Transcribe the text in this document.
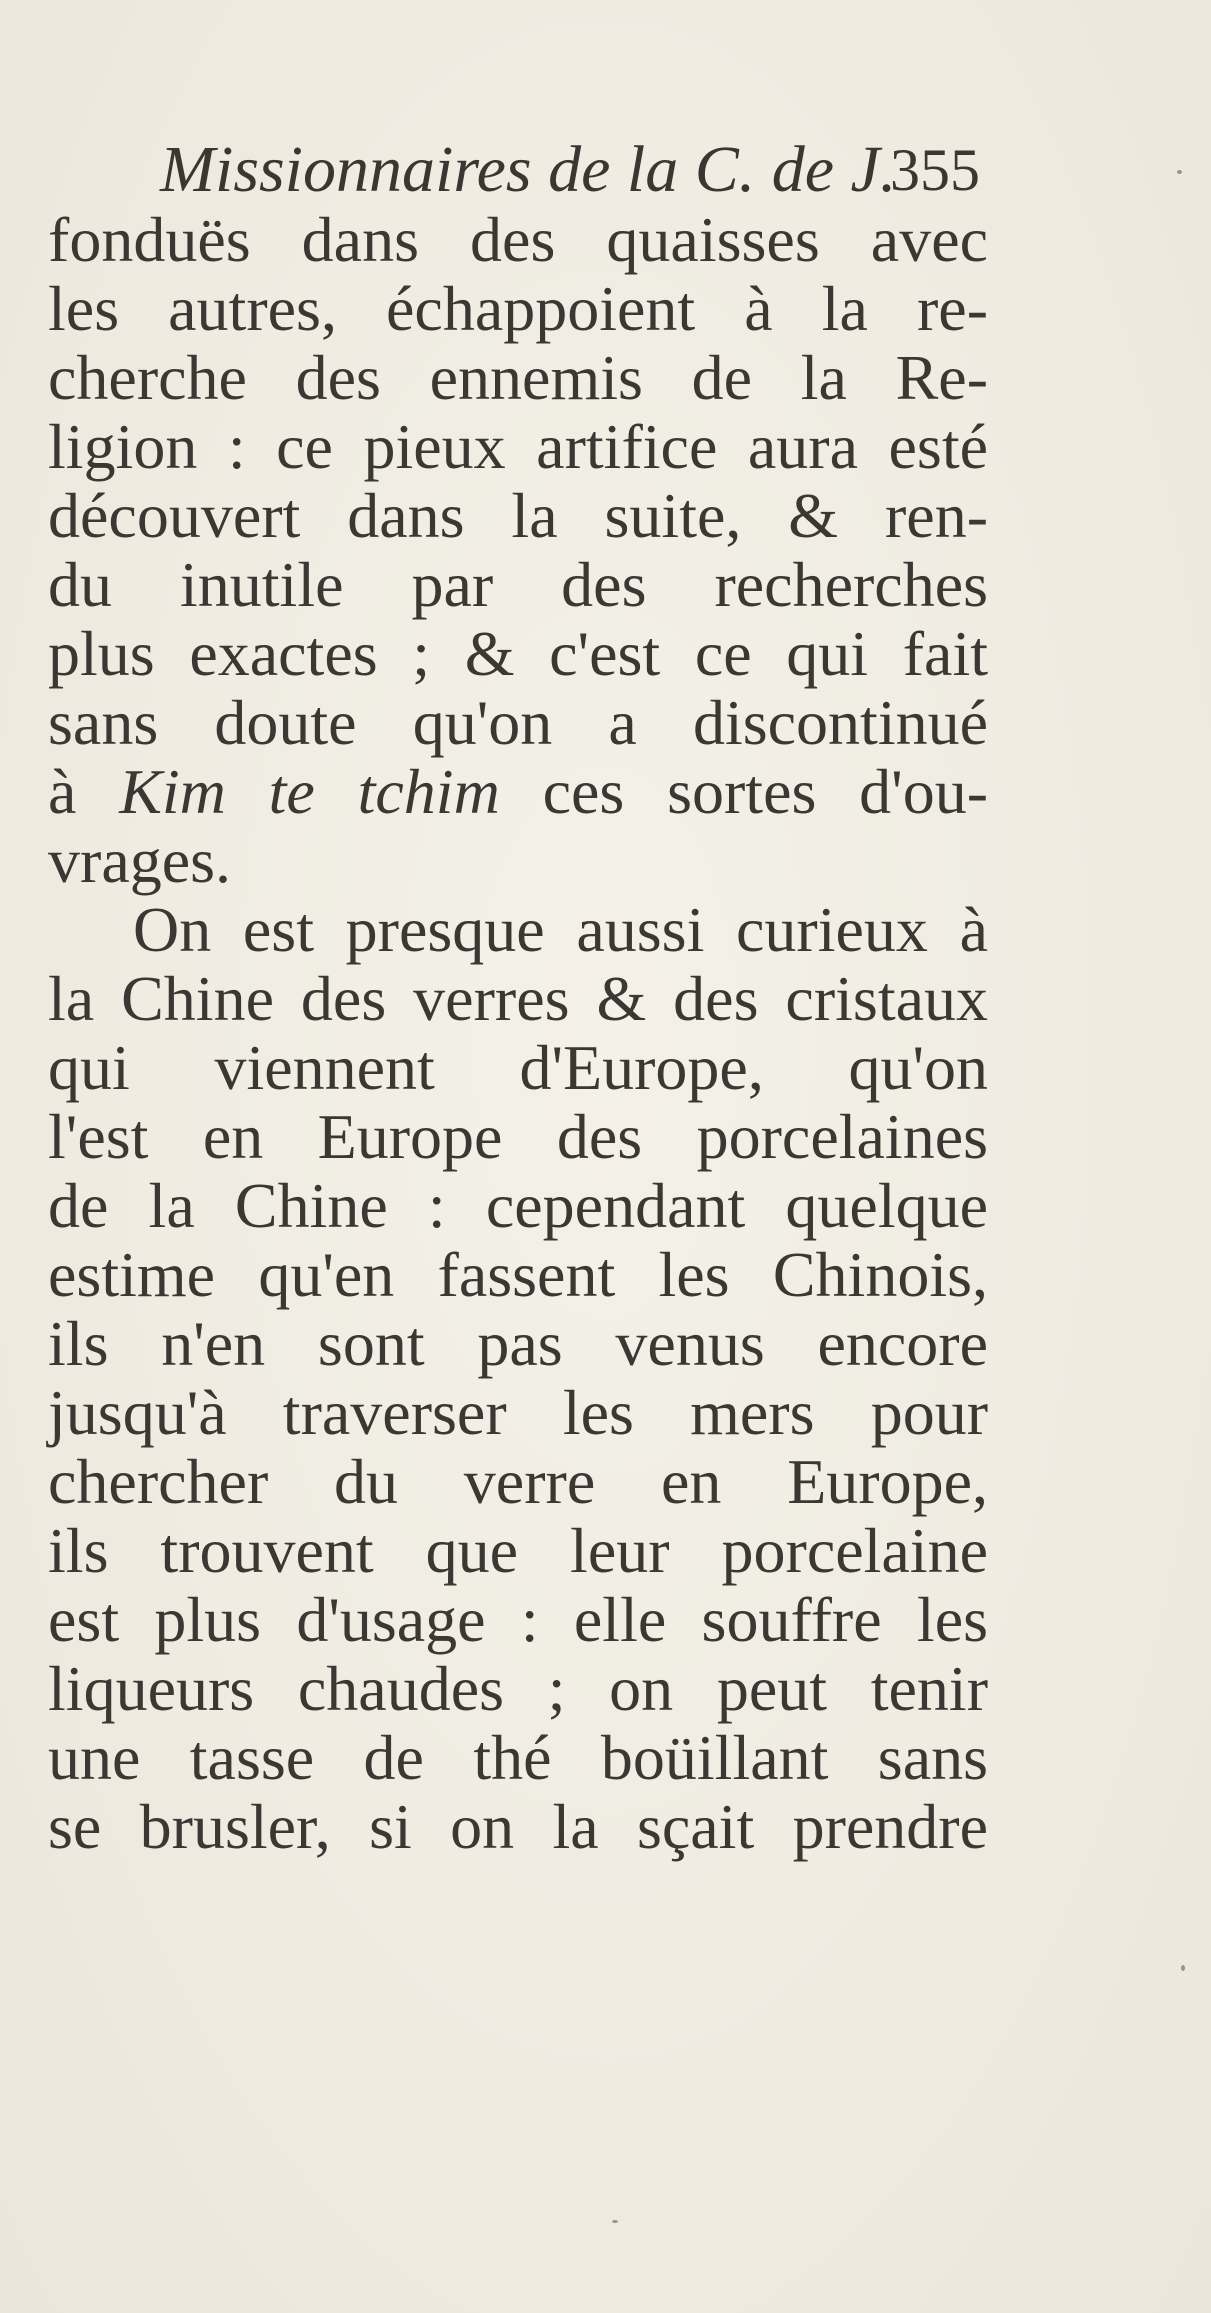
Missionnaires de la C. de J.
355
fonduës dans des quaisses avec
les autres, échappoient à la re-
cherche des ennemis de la Re-
ligion : ce pieux artifice aura esté
découvert dans la suite, & ren-
du inutile par des recherches
plus exactes ; & c'est ce qui fait
sans doute qu'on a discontinué
à Kim te tchim ces sortes d'ou-
vrages.
On est presque aussi curieux à
la Chine des verres & des cristaux
qui viennent d'Europe, qu'on
l'est en Europe des porcelaines
de la Chine : cependant quelque
estime qu'en fassent les Chinois,
ils n'en sont pas venus encore
jusqu'à traverser les mers pour
chercher du verre en Europe,
ils trouvent que leur porcelaine
est plus d'usage : elle souffre les
liqueurs chaudes ; on peut tenir
une tasse de thé boüillant sans
se brusler, si on la sçait prendre
